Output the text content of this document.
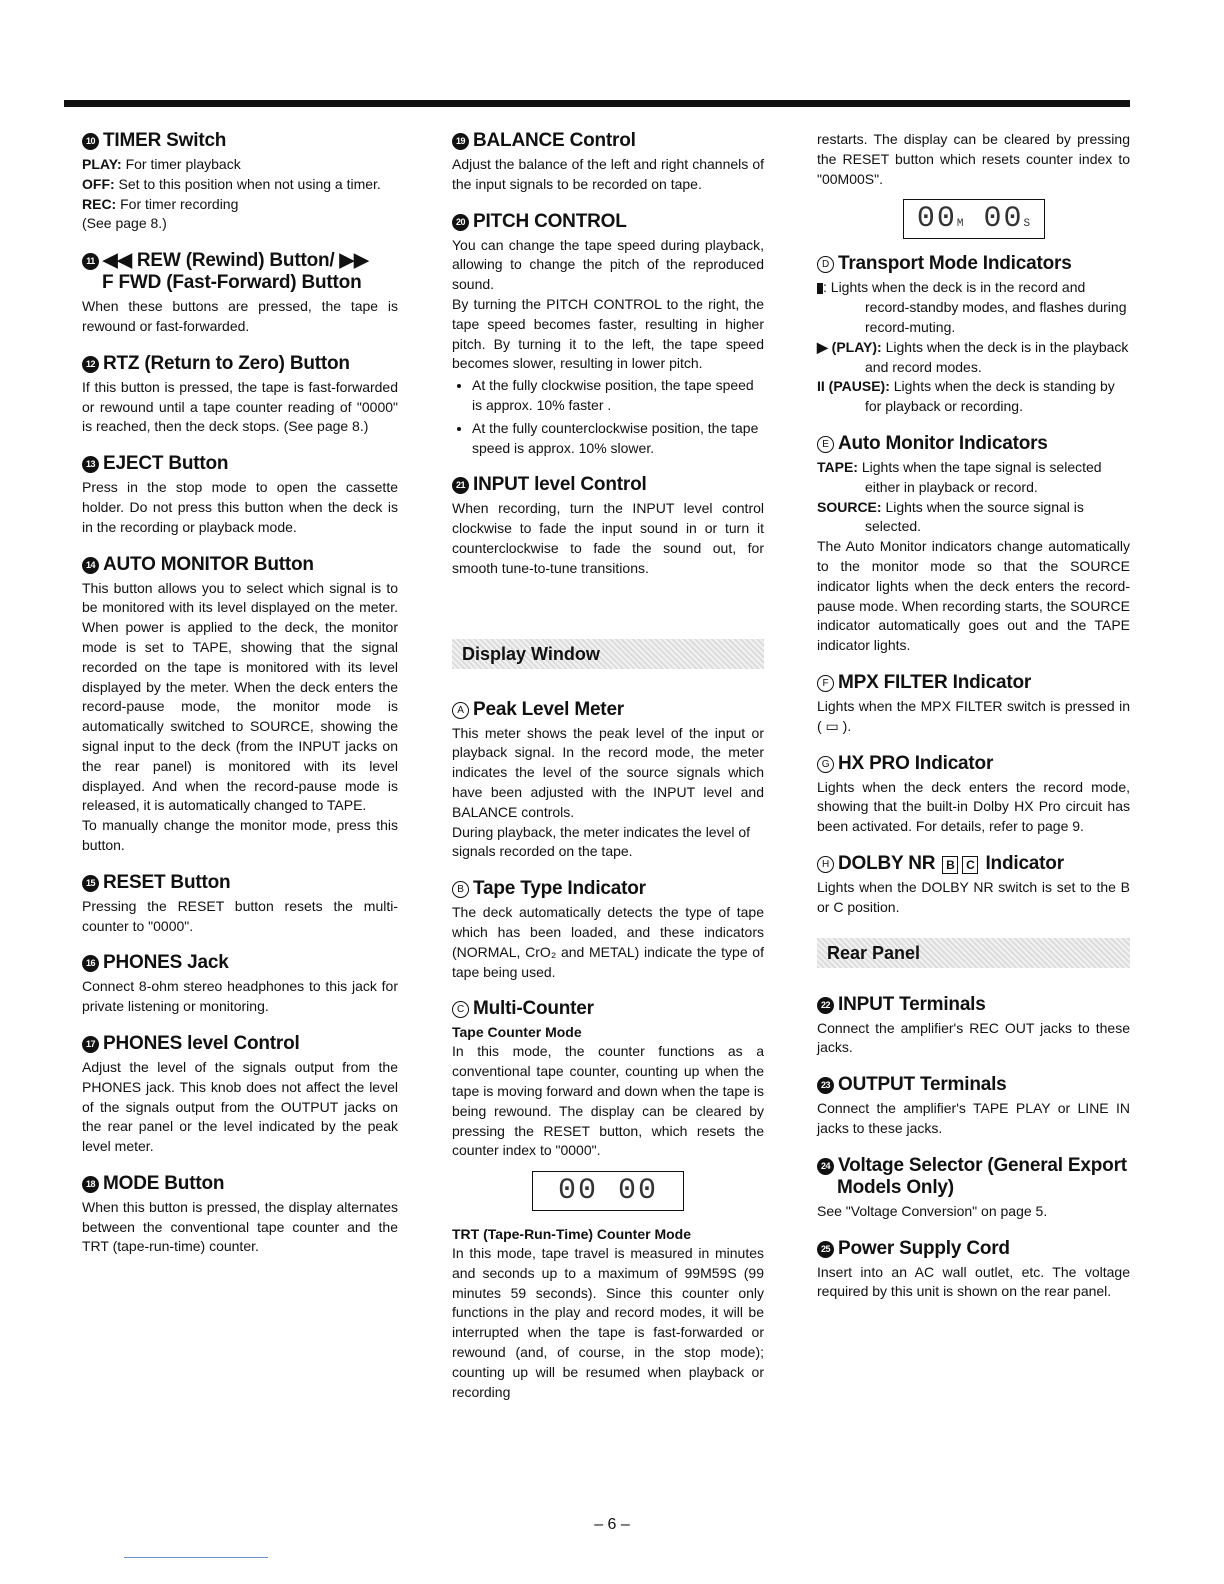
10 TIMER Switch
PLAY: For timer playback
OFF: Set to this position when not using a timer.
REC: For timer recording
(See page 8.)
11 ◀◀ REW (Rewind) Button/ ▶▶
F FWD (Fast-Forward) Button

When these buttons are pressed, the tape is rewound or fast-forwarded.

12 RTZ (Return to Zero) Button

If this button is pressed, the tape is fast-forwarded or rewound until a tape counter reading of "0000" is reached, then the deck stops. (See page 8.)

13 EJECT Button

Press in the stop mode to open the cassette holder. Do not press this button when the deck is in the recording or playback mode.

14 AUTO MONITOR Button

This button allows you to select which signal is to be monitored with its level displayed on the meter. When power is applied to the deck, the monitor mode is set to TAPE, showing that the signal recorded on the tape is monitored with its level displayed by the meter. When the deck enters the record-pause mode, the monitor mode is automatically switched to SOURCE, showing the signal input to the deck (from the INPUT jacks on the rear panel) is monitored with its level displayed. And when the record-pause mode is released, it is automatically changed to TAPE.

To manually change the monitor mode, press this button.

15 RESET Button

Pressing the RESET button resets the multi-counter to "0000".

16 PHONES Jack

Connect 8-ohm stereo headphones to this jack for private listening or monitoring.

17 PHONES level Control

Adjust the level of the signals output from the PHONES jack. This knob does not affect the level of the signals output from the OUTPUT jacks on the rear panel or the level indicated by the peak level meter.

18 MODE Button

When this button is pressed, the display alternates between the conventional tape counter and the TRT (tape-run-time) counter.

19 BALANCE Control

Adjust the balance of the left and right channels of the input signals to be recorded on tape.

20 PITCH CONTROL

You can change the tape speed during playback, allowing to change the pitch of the reproduced sound.

By turning the PITCH CONTROL to the right, the tape speed becomes faster, resulting in higher pitch. By turning it to the left, the tape speed becomes slower, resulting in lower pitch.

• At the fully clockwise position, the tape speed is approx. 10% faster .
• At the fully counterclockwise position, the tape speed is approx. 10% slower.
21 INPUT level Control

When recording, turn the INPUT level control clockwise to fade the input sound in or turn it counterclockwise to fade the sound out, for smooth tune-to-tune transitions.

Display Window
A Peak Level Meter

This meter shows the peak level of the input or playback signal. In the record mode, the meter indicates the level of the source signals which have been adjusted with the INPUT level and BALANCE controls.

During playback, the meter indicates the level of signals recorded on the tape.

B Tape Type Indicator

The deck automatically detects the type of tape which has been loaded, and these indicators (NORMAL, CrO₂ and METAL) indicate the type of tape being used.

C Multi-Counter
Tape Counter Mode

In this mode, the counter functions as a conventional tape counter, counting up when the tape is moving forward and down when the tape is being rewound. The display can be cleared by pressing the RESET button, which resets the counter index to "0000".

00 00
TRT (Tape-Run-Time) Counter Mode

In this mode, tape travel is measured in minutes and seconds up to a maximum of 99M59S (99 minutes 59 seconds). Since this counter only functions in the play and record modes, it will be interrupted when the tape is fast-forwarded or rewound (and, of course, in the stop mode); counting up will be resumed when playback or recording

restarts. The display can be cleared by pressing the RESET button which resets counter index to "00M00S".

00M 00S
D Transport Mode Indicators
REC : Lights when the deck is in the record and record-standby modes, and flashes during record-muting.
▶ (PLAY): Lights when the deck is in the playback and record modes.
II (PAUSE): Lights when the deck is standing by for playback or recording.
E Auto Monitor Indicators
TAPE: Lights when the tape signal is selected either in playback or record.
SOURCE: Lights when the source signal is selected.

The Auto Monitor indicators change automatically to the monitor mode so that the SOURCE indicator lights when the deck enters the record-pause mode. When recording starts, the SOURCE indicator automatically goes out and the TAPE indicator lights.

F MPX FILTER Indicator

Lights when the MPX FILTER switch is pressed in ( ▭ ).

G HX PRO Indicator

Lights when the deck enters the record mode, showing that the built-in Dolby HX Pro circuit has been activated. For details, refer to page 9.

H DOLBY NR B C Indicator

Lights when the DOLBY NR switch is set to the B or C position.

Rear Panel
22 INPUT Terminals

Connect the amplifier's REC OUT jacks to these jacks.

23 OUTPUT Terminals

Connect the amplifier's TAPE PLAY or LINE IN jacks to these jacks.

24 Voltage Selector (General Export
Models Only)

See "Voltage Conversion" on page 5.

25 Power Supply Cord

Insert into an AC wall outlet, etc. The voltage required by this unit is shown on the rear panel.

– 6 –
